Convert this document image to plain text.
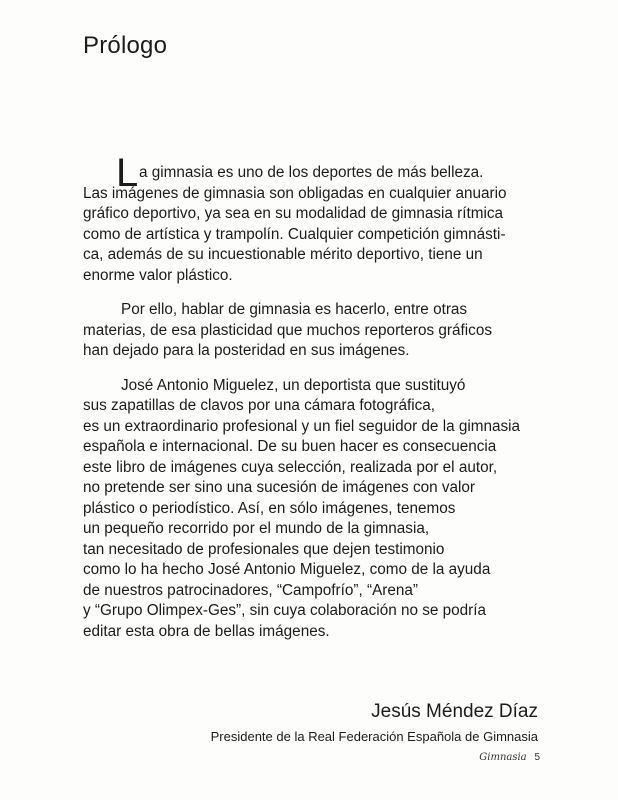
Prólogo
L a gimnasia es uno de los deportes de más belleza.
Las imágenes de gimnasia son obligadas en cualquier anuario
gráfico deportivo, ya sea en su modalidad de gimnasia rítmica
como de artística y trampolín. Cualquier competición gimnásti-
ca, además de su incuestionable mérito deportivo, tiene un
enorme valor plástico.
Por ello, hablar de gimnasia es hacerlo, entre otras
materias, de esa plasticidad que muchos reporteros gráficos
han dejado para la posteridad en sus imágenes.
José Antonio Miguelez, un deportista que sustituyó
sus zapatillas de clavos por una cámara fotográfica,
es un extraordinario profesional y un fiel seguidor de la gimnasia
española e internacional. De su buen hacer es consecuencia
este libro de imágenes cuya selección, realizada por el autor,
no pretende ser sino una sucesión de imágenes con valor
plástico o periodístico. Así, en sólo imágenes, tenemos
un pequeño recorrido por el mundo de la gimnasia,
tan necesitado de profesionales que dejen testimonio
como lo ha hecho José Antonio Miguelez, como de la ayuda
de nuestros patrocinadores, “Campofrío”, “Arena”
y “Grupo Olimpex-Ges”, sin cuya colaboración no se podría
editar esta obra de bellas imágenes.
Jesús Méndez Díaz
Presidente de la Real Federación Española de Gimnasia
Gimnasia 5
